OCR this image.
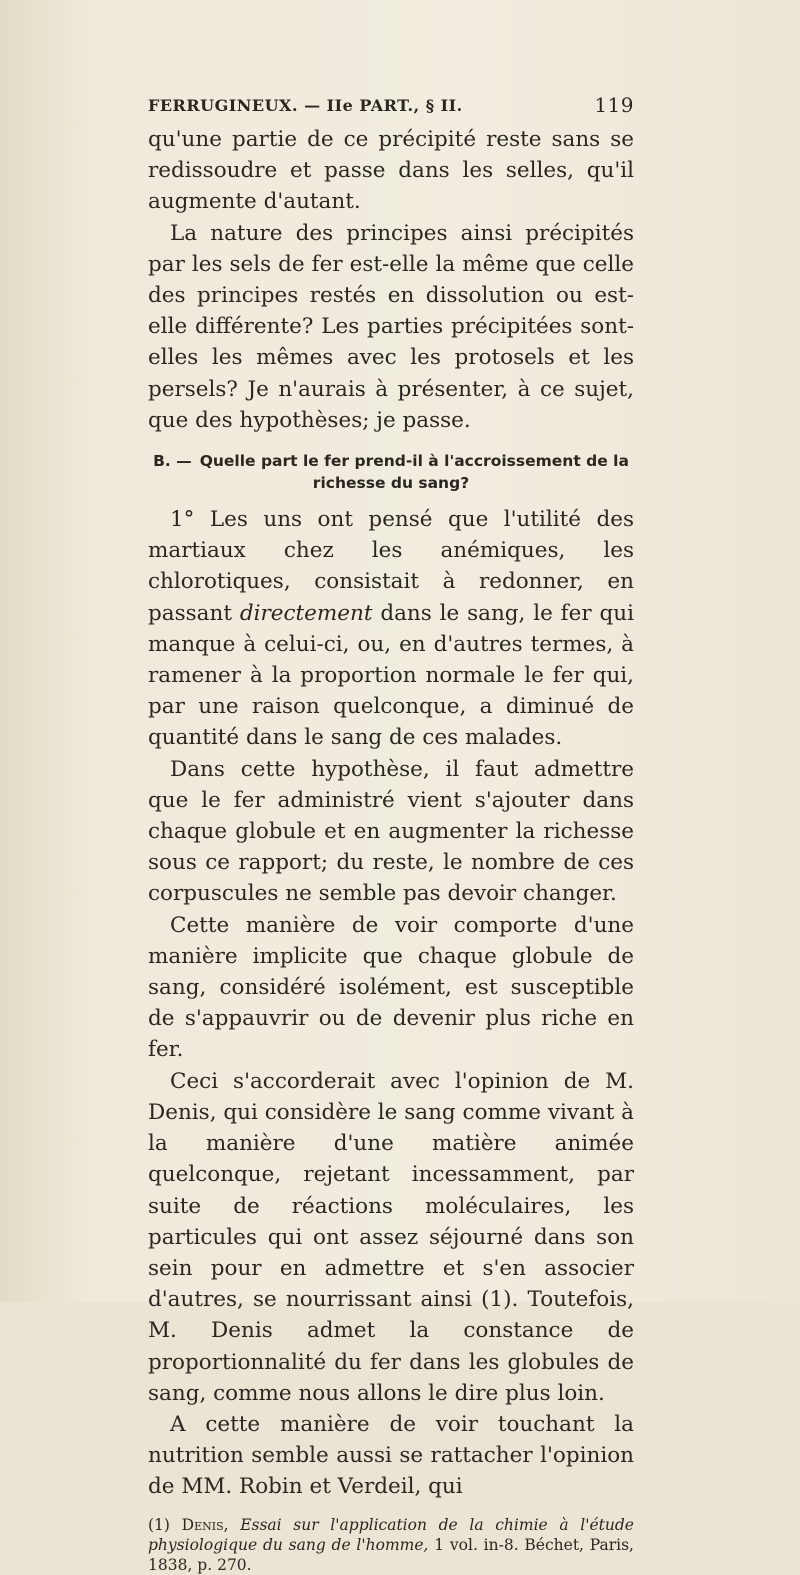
FERRUGINEUX. — IIe PART., § II.	119

qu'une partie de ce précipité reste sans se redissoudre et passe dans les selles, qu'il augmente d'autant.

La nature des principes ainsi précipités par les sels de fer est-elle la même que celle des principes restés en dissolution ou est-elle différente? Les parties précipitées sont-elles les mêmes avec les protosels et les persels? Je n'aurais à présenter, à ce sujet, que des hypothèses; je passe.

B. — Quelle part le fer prend-il à l'accroissement de la richesse du sang?

1° Les uns ont pensé que l'utilité des martiaux chez les anémiques, les chlorotiques, consistait à redonner, en passant directement dans le sang, le fer qui manque à celui-ci, ou, en d'autres termes, à ramener à la proportion normale le fer qui, par une raison quelconque, a diminué de quantité dans le sang de ces malades.

Dans cette hypothèse, il faut admettre que le fer administré vient s'ajouter dans chaque globule et en augmenter la richesse sous ce rapport; du reste, le nombre de ces corpuscules ne semble pas devoir changer.

Cette manière de voir comporte d'une manière implicite que chaque globule de sang, considéré isolément, est susceptible de s'appauvrir ou de devenir plus riche en fer.

Ceci s'accorderait avec l'opinion de M. Denis, qui considère le sang comme vivant à la manière d'une matière animée quelconque, rejetant incessamment, par suite de réactions moléculaires, les particules qui ont assez séjourné dans son sein pour en admettre et s'en associer d'autres, se nourrissant ainsi (1). Toutefois, M. Denis admet la constance de proportionnalité du fer dans les globules de sang, comme nous allons le dire plus loin.

A cette manière de voir touchant la nutrition semble aussi se rattacher l'opinion de MM. Robin et Verdeil, qui

(1) Denis, Essai sur l'application de la chimie à l'étude physiologique du sang de l'homme, 1 vol. in-8. Béchet, Paris, 1838, p. 270.
